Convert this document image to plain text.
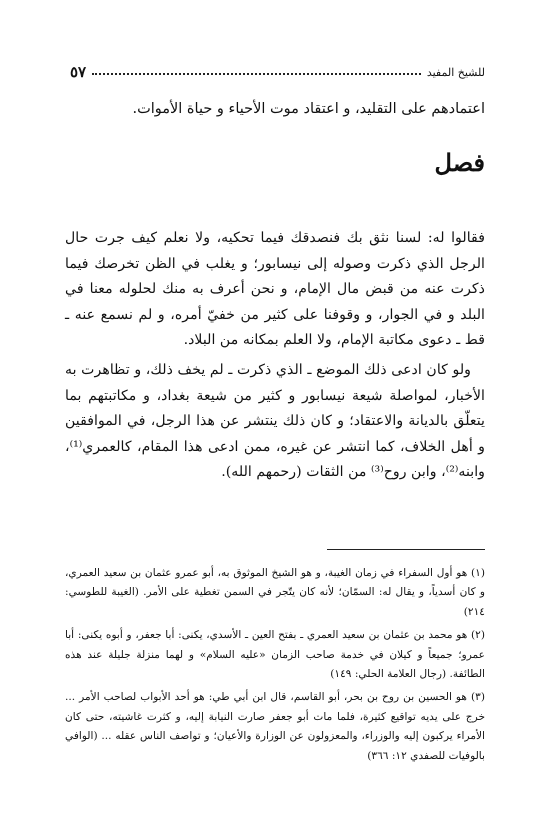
للشيخ المفيد
٥٧
اعتمادهم على التقليد، و اعتقاد موت الأحياء و حياة الأموات.
فصل

فقالوا له: لسنا نثق بك فنصدقك فيما تحكيه، ولا نعلم كيف جرت حال الرجل الذي ذكرت وصوله إلى نيسابور؛ و يغلب في الظن تخرصك فيما ذكرت عنه من قبض مال الإمام، و نحن أعرف به منك لحلوله معنا في البلد و في الجوار، و وقوفنا على كثير من خفيّ أمره، و لم نسمع عنه ـ قط ـ دعوى مكاتبة الإمام، ولا العلم بمكانه من البلاد.

ولو كان ادعى ذلك الموضع ـ الذي ذكرت ـ لم يخف ذلك، و تظاهرت به الأخبار، لمواصلة شيعة نيسابور و كثير من شيعة بغداد، و مكاتبتهم بما يتعلّق بالديانة والاعتقاد؛ و كان ذلك ينتشر عن هذا الرجل، في الموافقين و أهل الخلاف، كما انتشر عن غيره، ممن ادعى هذا المقام، كالعمري⁽¹⁾، وابنه⁽²⁾، وابن روح⁽³⁾ من الثقات (رحمهم الله).

(١) هو أول السفراء في زمان الغيبة، و هو الشيخ الموثوق به، أبو عمرو عثمان بن سعيد العمري، و كان أسدياً، و يقال له: السمّان؛ لأنه كان يتّجر في السمن تغطية على الأمر. (الغيبة للطوسي: ٢١٤)

(٢) هو محمد بن عثمان بن سعيد العمري ـ بفتح العين ـ الأسدي، يكنى: أبا جعفر، و أبوه يكنى: أبا عمرو؛ جميعاً و كيلان في خدمة صاحب الزمان «عليه السلام» و لهما منزلة جليلة عند هذه الطائفة. (رجال العلامة الحلي: ١٤٩)

(٣) هو الحسين بن روح بن بحر، أبو القاسم، قال ابن أبي طي: هو أحد الأبواب لصاحب الأمر ... خرج على يديه تواقيع كثيرة، فلما مات أبو جعفر صارت النيابة إليه، و كثرت غاشيته، حتى كان الأمراء يركبون إليه والوزراء، والمعزولون عن الوزارة والأعيان؛ و تواصف الناس عقله ... (الوافي بالوفيات للصفدي ١٢: ٣٦٦)
